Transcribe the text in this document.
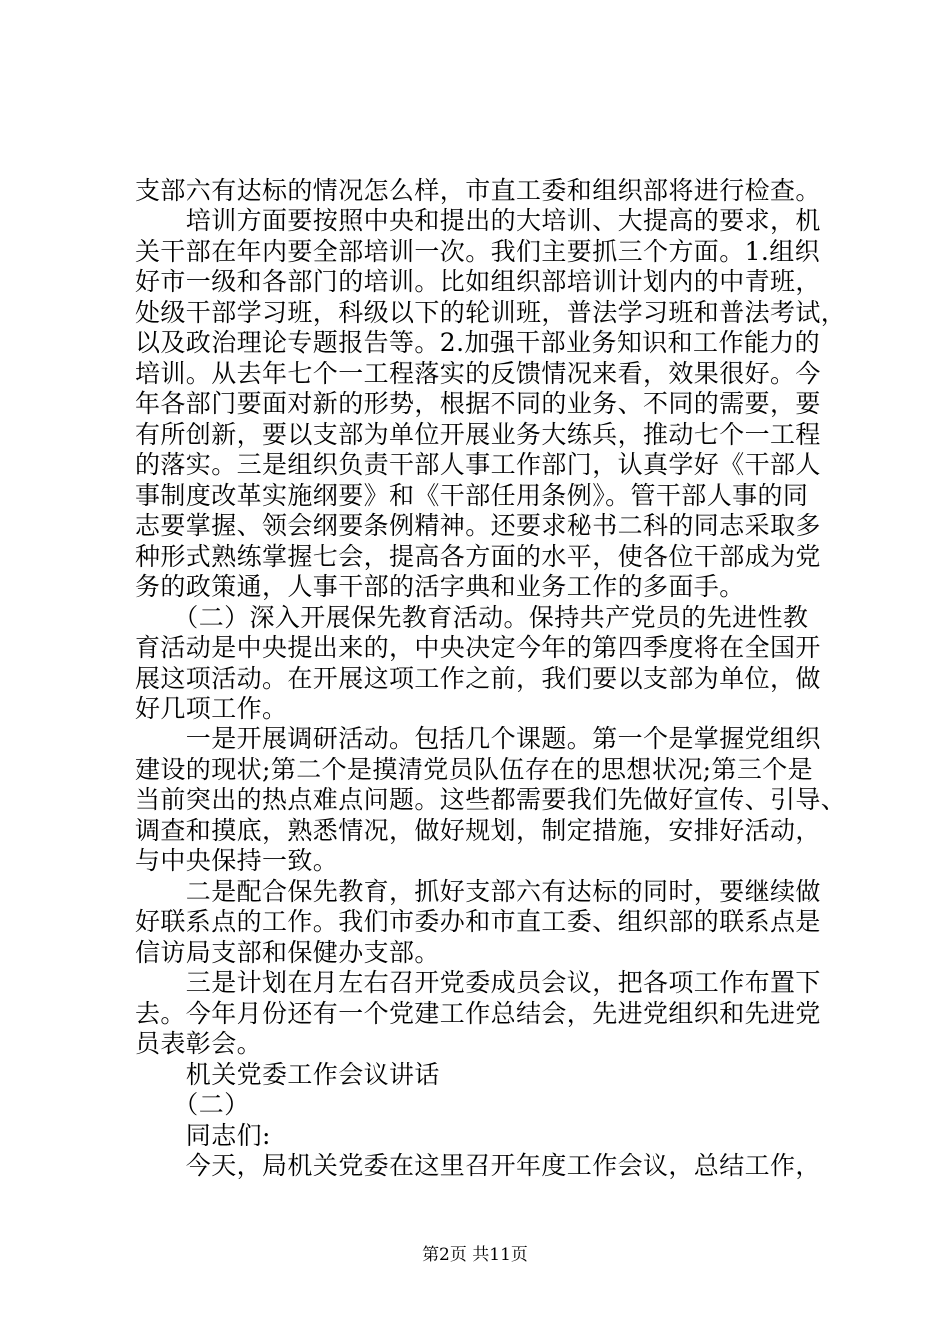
支部六有达标的情况怎么样，市直工委和组织部将进行检查。
　　培训方面要按照中央和提出的大培训、大提高的要求，机
关干部在年内要全部培训一次。我们主要抓三个方面。1.组织
好市一级和各部门的培训。比如组织部培训计划内的中青班，
处级干部学习班，科级以下的轮训班，普法学习班和普法考试，
以及政治理论专题报告等。2.加强干部业务知识和工作能力的
培训。从去年七个一工程落实的反馈情况来看，效果很好。今
年各部门要面对新的形势，根据不同的业务、不同的需要，要
有所创新，要以支部为单位开展业务大练兵，推动七个一工程
的落实。三是组织负责干部人事工作部门，认真学好《干部人
事制度改革实施纲要》和《干部任用条例》。管干部人事的同
志要掌握、领会纲要条例精神。还要求秘书二科的同志采取多
种形式熟练掌握七会，提高各方面的水平，使各位干部成为党
务的政策通，人事干部的活字典和业务工作的多面手。
　　（二）深入开展保先教育活动。保持共产党员的先进性教
育活动是中央提出来的，中央决定今年的第四季度将在全国开
展这项活动。在开展这项工作之前，我们要以支部为单位，做
好几项工作。
　　一是开展调研活动。包括几个课题。第一个是掌握党组织
建设的现状;第二个是摸清党员队伍存在的思想状况;第三个是
当前突出的热点难点问题。这些都需要我们先做好宣传、引导、
调查和摸底，熟悉情况，做好规划，制定措施，安排好活动，
与中央保持一致。
　　二是配合保先教育，抓好支部六有达标的同时，要继续做
好联系点的工作。我们市委办和市直工委、组织部的联系点是
信访局支部和保健办支部。
　　三是计划在月左右召开党委成员会议，把各项工作布置下
去。今年月份还有一个党建工作总结会，先进党组织和先进党
员表彰会。
　　机关党委工作会议讲话
　　（二）
　　同志们:
　　今天，局机关党委在这里召开年度工作会议，总结工作，
第2页 共11页
